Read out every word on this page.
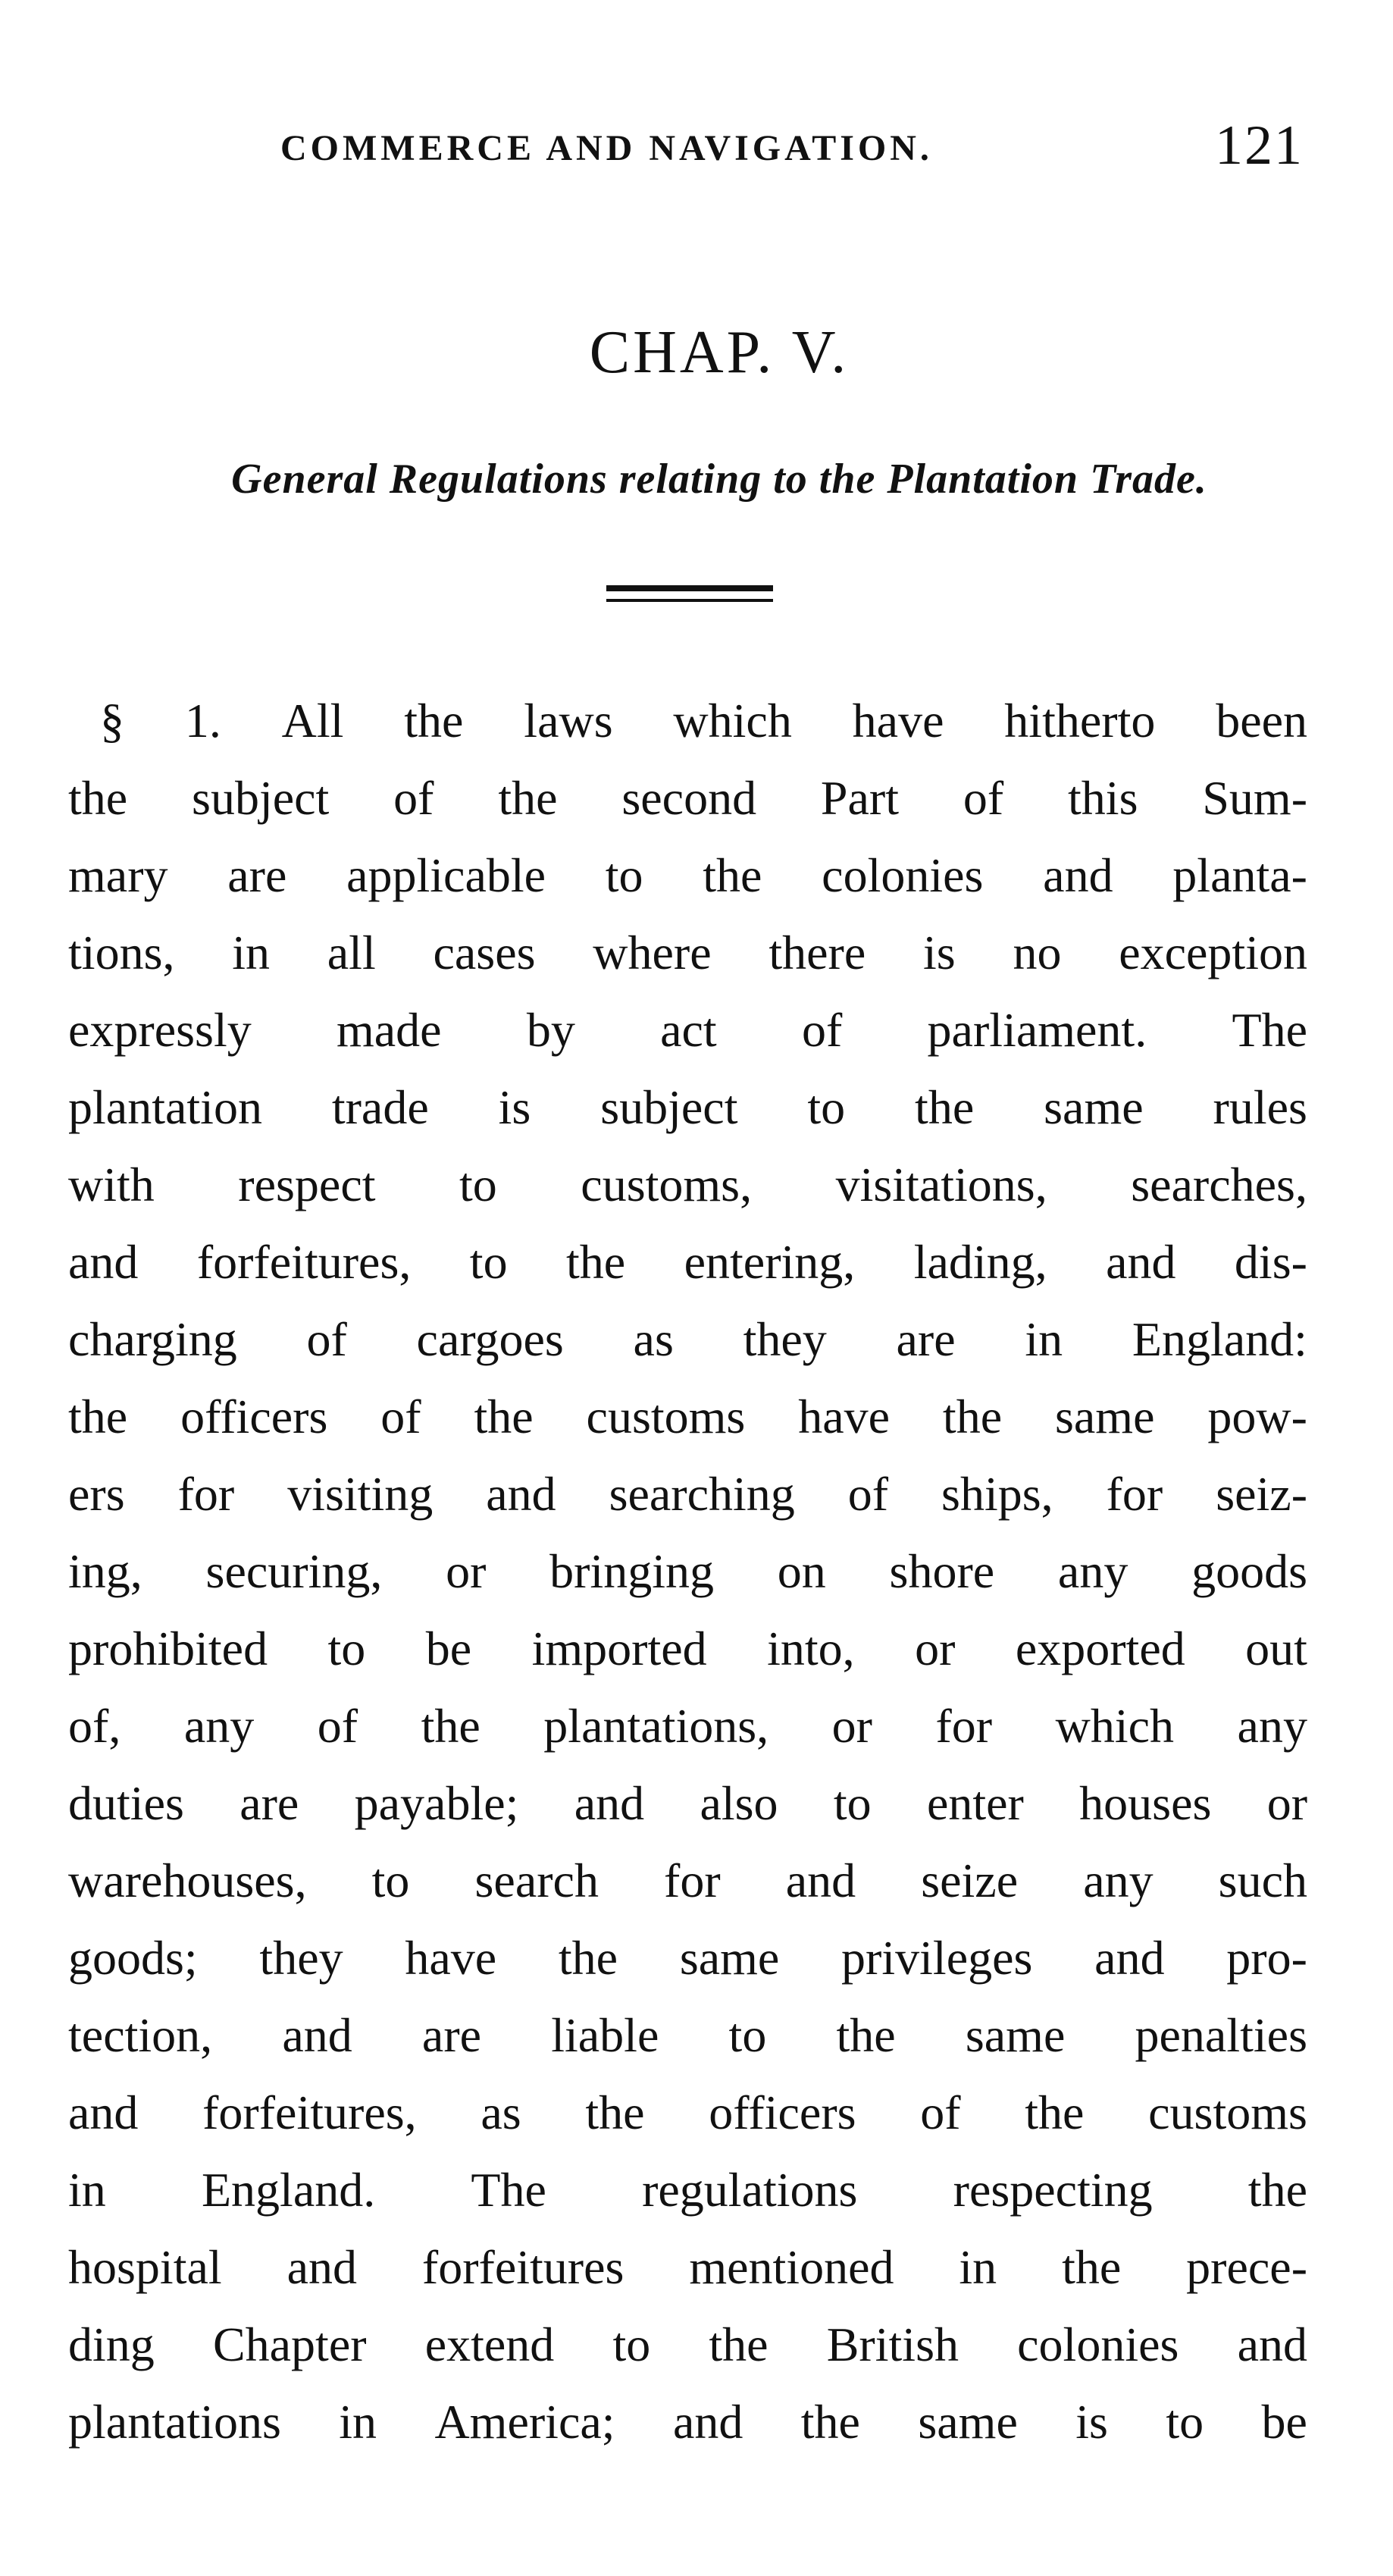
COMMERCE AND NAVIGATION.	121
CHAP. V.
General Regulations relating to the Plantation Trade.
§ 1. All the laws which have hitherto been
the subject of the second Part of this Sum-
mary are applicable to the colonies and planta-
tions, in all cases where there is no exception
expressly made by act of parliament. The
plantation trade is subject to the same rules
with respect to customs, visitations, searches,
and forfeitures, to the entering, lading, and dis-
charging of cargoes as they are in England:
the officers of the customs have the same pow-
ers for visiting and searching of ships, for seiz-
ing, securing, or bringing on shore any goods
prohibited to be imported into, or exported out
of, any of the plantations, or for which any
duties are payable; and also to enter houses or
warehouses, to search for and seize any such
goods; they have the same privileges and pro-
tection, and are liable to the same penalties
and forfeitures, as the officers of the customs
in England. The regulations respecting the
hospital and forfeitures mentioned in the prece-
ding Chapter extend to the British colonies and
plantations in America; and the same is to be
